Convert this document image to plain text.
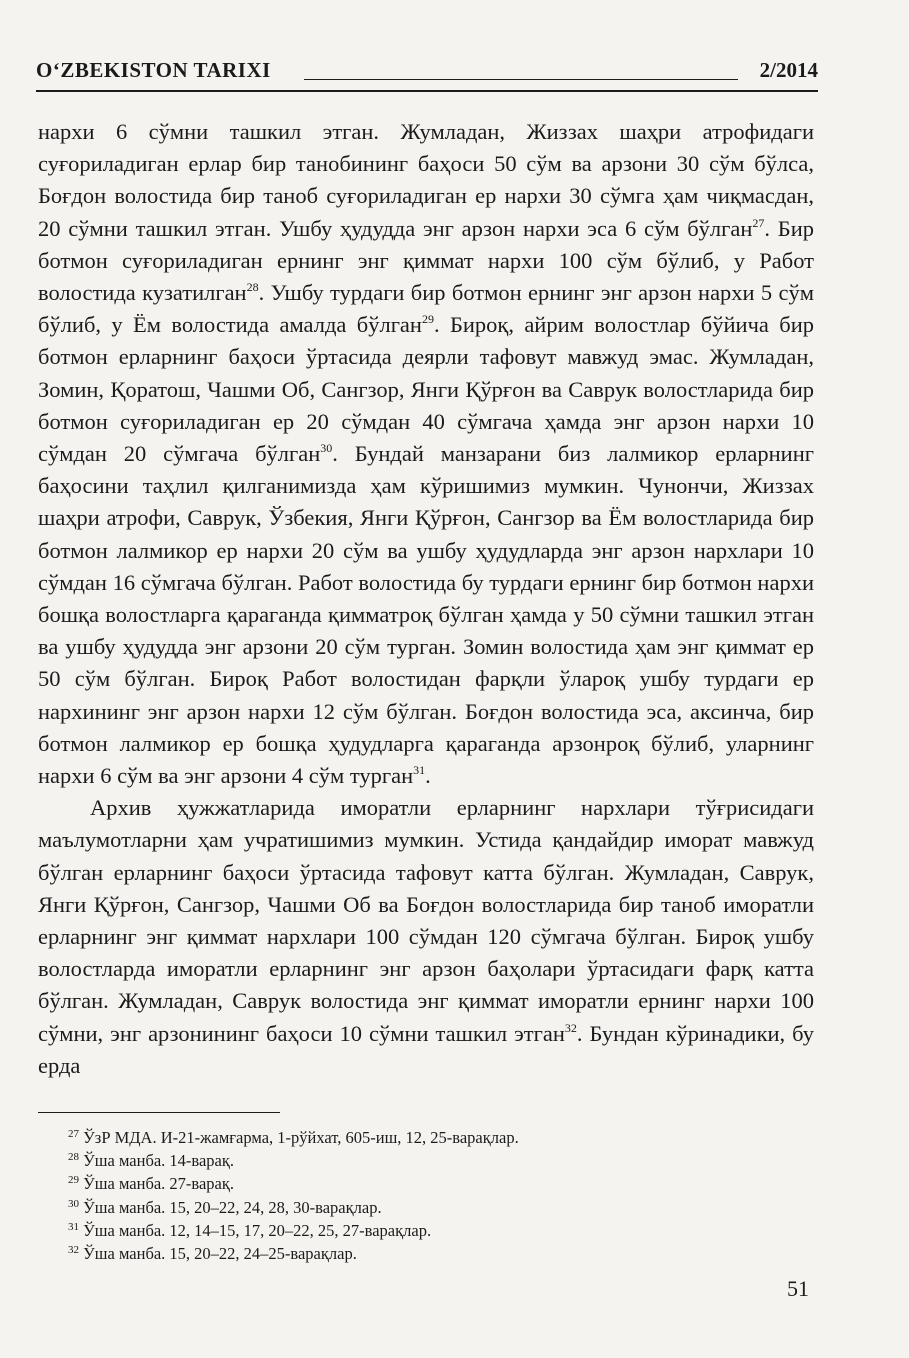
O‘ZBEKISTON TARIXI	2/2014

нархи 6 сўмни ташкил этган. Жумладан, Жиззах шаҳри атрофидаги суғориладиган ерлар бир танобининг баҳоси 50 сўм ва арзони 30 сўм бўлса, Боғдон волостида бир таноб суғориладиган ер нархи 30 сўмга ҳам чиқмасдан, 20 сўмни ташкил этган. Ушбу ҳудудда энг арзон нархи эса 6 сўм бўлган$^{27}$. Бир ботмон суғориладиган ернинг энг қиммат нархи 100 сўм бўлиб, у Работ волостида кузатилган$^{28}$. Ушбу турдаги бир ботмон ернинг энг арзон нархи 5 сўм бўлиб, у Ём волостида амалда бўлган$^{29}$. Бироқ, айрим волостлар бўйича бир ботмон ерларнинг баҳоси ўртасида деярли тафовут мавжуд эмас. Жумладан, Зомин, Қоратош, Чашми Об, Сангзор, Янги Қўрғон ва Саврук волостларида бир ботмон суғориладиган ер 20 сўмдан 40 сўмгача ҳамда энг арзон нархи 10 сўмдан 20 сўмгача бўлган$^{30}$. Бундай манзарани биз лалмикор ерларнинг баҳосини таҳлил қилганимизда ҳам кўришимиз мумкин. Чунончи, Жиззах шаҳри атрофи, Саврук, Ўзбекия, Янги Қўрғон, Сангзор ва Ём волостларида бир ботмон лалмикор ер нархи 20 сўм ва ушбу ҳудудларда энг арзон нархлари 10 сўмдан 16 сўмгача бўлган. Работ волостида бу турдаги ернинг бир ботмон нархи бошқа волостларга қараганда қимматроқ бўлган ҳамда у 50 сўмни ташкил этган ва ушбу ҳудудда энг арзони 20 сўм турган. Зомин волостида ҳам энг қиммат ер 50 сўм бўлган. Бироқ Работ волостидан фарқли ўлароқ ушбу турдаги ер нархининг энг арзон нархи 12 сўм бўлган. Боғдон волостида эса, аксинча, бир ботмон лалмикор ер бошқа ҳудудларга қараганда арзонроқ бўлиб, уларнинг нархи 6 сўм ва энг арзони 4 сўм турган$^{31}$.

Архив ҳужжатларида иморатли ерларнинг нархлари тўғрисидаги маълумотларни ҳам учратишимиз мумкин. Устида қандайдир иморат мавжуд бўлган ерларнинг баҳоси ўртасида тафовут катта бўлган. Жумладан, Саврук, Янги Қўрғон, Сангзор, Чашми Об ва Боғдон волостларида бир таноб иморатли ерларнинг энг қиммат нархлари 100 сўмдан 120 сўмгача бўлган. Бироқ ушбу волостларда иморатли ерларнинг энг арзон баҳолари ўртасидаги фарқ катта бўлган. Жумладан, Саврук волостида энг қиммат иморатли ернинг нархи 100 сўмни, энг арзонининг баҳоси 10 сўмни ташкил этган$^{32}$. Бундан кўринадики, бу ерда

$^{27}$ ЎзР МДА. И-21-жамғарма, 1-рўйхат, 605-иш, 12, 25-варақлар.
$^{28}$ Ўша манба. 14-варақ.
$^{29}$ Ўша манба. 27-варақ.
$^{30}$ Ўша манба. 15, 20–22, 24, 28, 30-варақлар.
$^{31}$ Ўша манба. 12, 14–15, 17, 20–22, 25, 27-варақлар.
$^{32}$ Ўша манба. 15, 20–22, 24–25-варақлар.
51
